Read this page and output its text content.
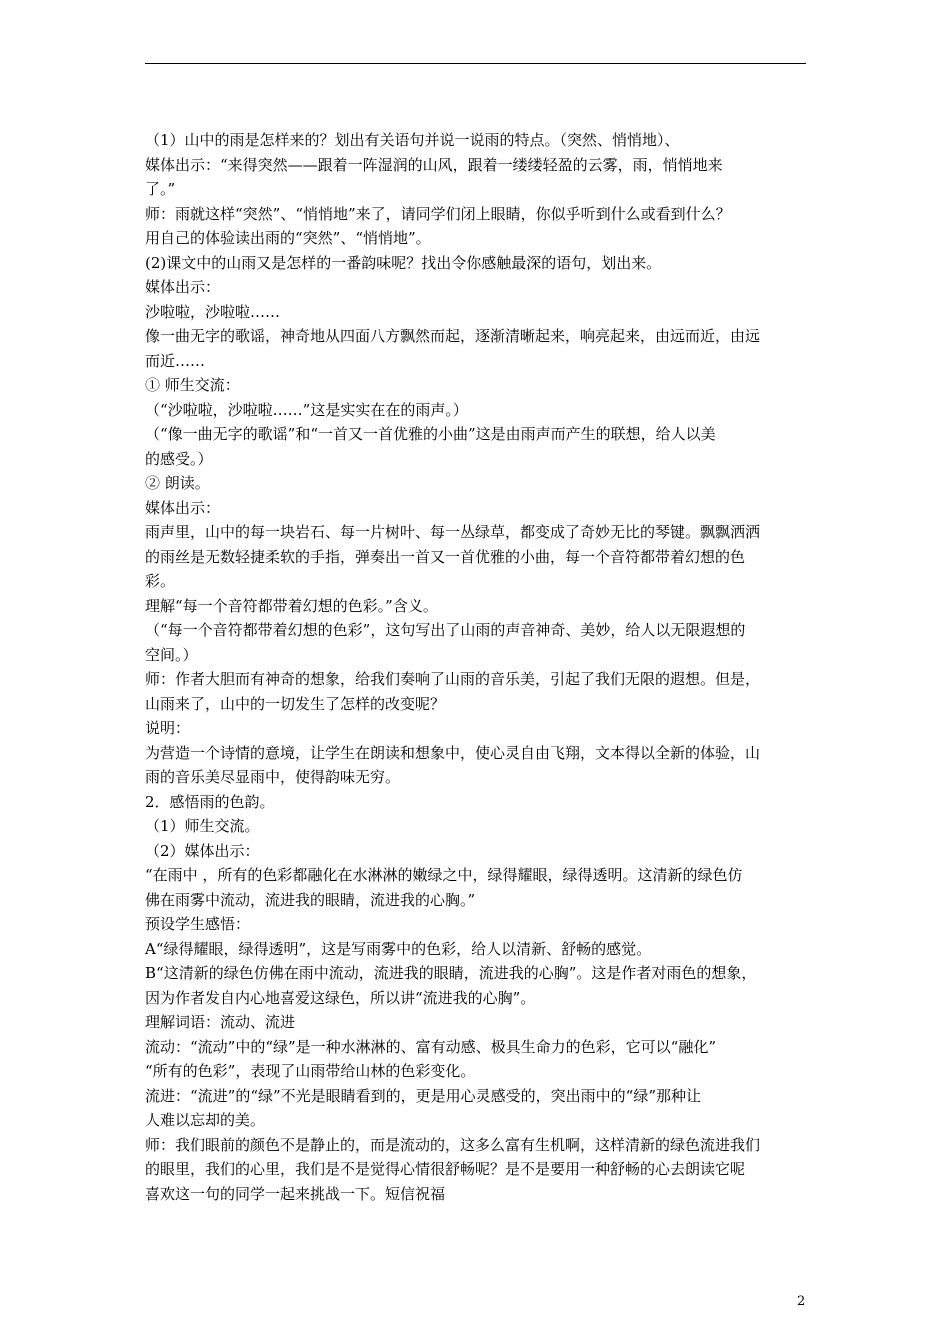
（1）山中的雨是怎样来的？划出有关语句并说一说雨的特点。（突然、悄悄地）、
媒体出示：“来得突然——跟着一阵湿润的山风，跟着一缕缕轻盈的云雾，雨，悄悄地来
了。”
师：雨就这样“突然”、“悄悄地”来了，请同学们闭上眼睛，你似乎听到什么或看到什么？
用自己的体验读出雨的“突然”、“悄悄地”。
(2)课文中的山雨又是怎样的一番韵味呢？找出令你感触最深的语句，划出来。
媒体出示：
沙啦啦，沙啦啦……
像一曲无字的歌谣，神奇地从四面八方飘然而起，逐渐清晰起来，响亮起来，由远而近，由远
而近……
① 师生交流：
（“沙啦啦，沙啦啦……”这是实实在在的雨声。）
（“像一曲无字的歌谣”和“一首又一首优雅的小曲”这是由雨声而产生的联想，给人以美
的感受。）
② 朗读。
媒体出示：
雨声里，山中的每一块岩石、每一片树叶、每一丛绿草，都变成了奇妙无比的琴键。飘飘洒洒
的雨丝是无数轻捷柔软的手指，弹奏出一首又一首优雅的小曲，每一个音符都带着幻想的色
彩。
理解“每一个音符都带着幻想的色彩。”含义。
（“每一个音符都带着幻想的色彩”，这句写出了山雨的声音神奇、美妙，给人以无限遐想的
空间。）
师：作者大胆而有神奇的想象，给我们奏响了山雨的音乐美，引起了我们无限的遐想。但是，
山雨来了，山中的一切发生了怎样的改变呢？
说明：
为营造一个诗情的意境，让学生在朗读和想象中，使心灵自由飞翔，文本得以全新的体验，山
雨的音乐美尽显雨中，使得韵味无穷。
2．感悟雨的色韵。
（1）师生交流。
（2）媒体出示：
“在雨中 ，所有的色彩都融化在水淋淋的嫩绿之中，绿得耀眼，绿得透明。这清新的绿色仿
佛在雨雾中流动，流进我的眼睛，流进我的心胸。”
预设学生感悟：
A“绿得耀眼，绿得透明”，这是写雨雾中的色彩，给人以清新、舒畅的感觉。
B“这清新的绿色仿佛在雨中流动，流进我的眼睛，流进我的心胸”。这是作者对雨色的想象，
因为作者发自内心地喜爱这绿色，所以讲“流进我的心胸”。
理解词语：流动、流进
流动：“流动”中的“绿”是一种水淋淋的、富有动感、极具生命力的色彩，它可以“融化”
“所有的色彩”，表现了山雨带给山林的色彩变化。
流进：“流进”的“绿”不光是眼睛看到的，更是用心灵感受的，突出雨中的“绿”那种让
人难以忘却的美。
师：我们眼前的颜色不是静止的，而是流动的，这多么富有生机啊，这样清新的绿色流进我们
的眼里，我们的心里，我们是不是觉得心情很舒畅呢？是不是要用一种舒畅的心去朗读它呢
喜欢这一句的同学一起来挑战一下。短信祝福
2
